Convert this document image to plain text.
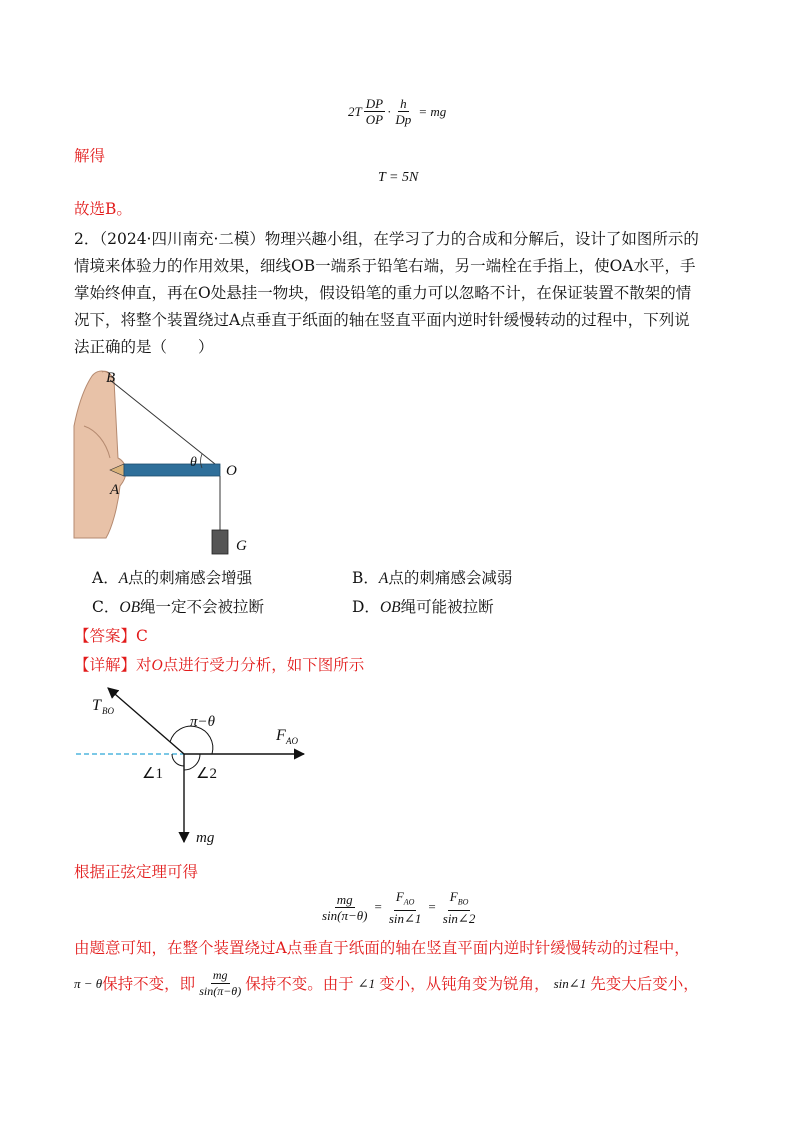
$2T \frac{DP}{OP} \cdot \frac{h}{Dp}$ = mg
解得
T = 5N
故选B。
2．（2024·四川南充·二模）物理兴趣小组，在学习了力的合成和分解后，设计了如图所示的
情境来体验力的作用效果，细线OB一端系于铅笔右端，另一端栓在手指上，使OA水平，手
掌始终伸直，再在O处悬挂一物块，假设铅笔的重力可以忽略不计，在保证装置不散架的情
况下，将整个装置绕过A点垂直于纸面的轴在竖直平面内逆时针缓慢转动的过程中，下列说
法正确的是（　　）
B
θ
O
A
G
A．A点的刺痛感会增强	B．A点的刺痛感会减弱
C．OB绳一定不会被拉断	D．OB绳可能被拉断
【答案】C
【详解】对O点进行受力分析，如下图所示
T BO
π−θ
F AO
∠1 ∠2
mg
根据正弦定理可得
$\frac{mg}{\sin(\pi-\theta)} = \frac{F_{AO}}{\sin\angle 1} = \frac{F_{BO}}{\sin\angle 2}$
由题意可知，在整个装置绕过A点垂直于纸面的轴在竖直平面内逆时针缓慢转动的过程中，
π − θ 保持不变，即 $\frac{mg}{\sin(\pi-\theta)}$ 保持不变。由于 ∠1 变小，从钝角变为锐角， sin∠1 先变大后变小，
